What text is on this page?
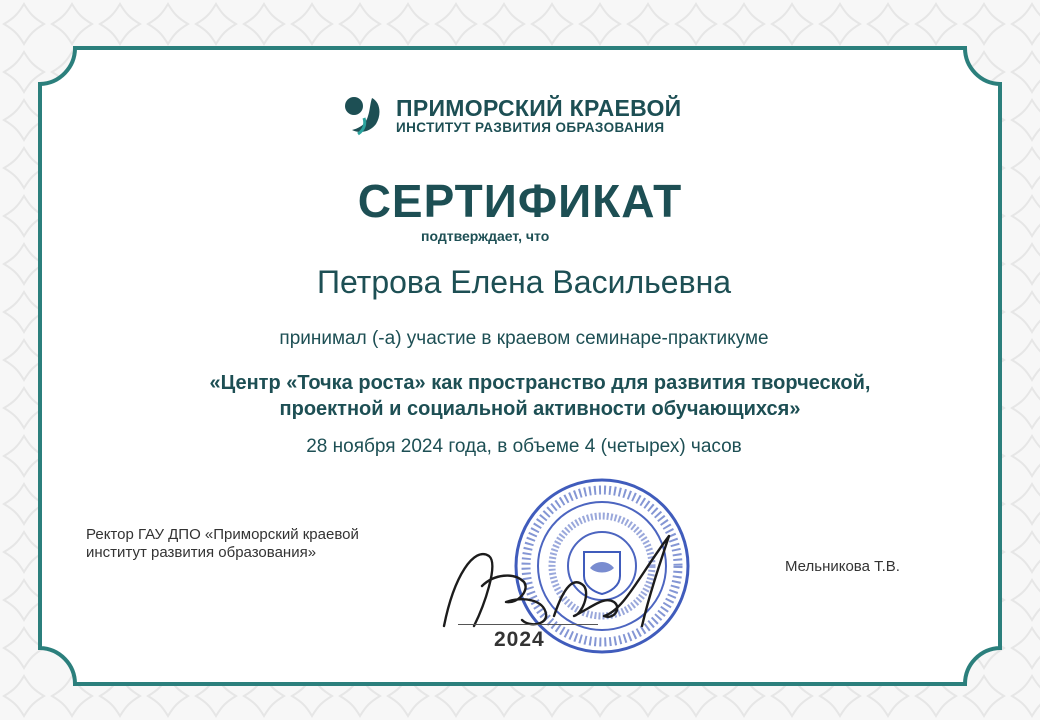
ПРИМОРСКИЙ КРАЕВОЙ
ИНСТИТУТ РАЗВИТИЯ ОБРАЗОВАНИЯ
СЕРТИФИКАТ
подтверждает, что
Петрова Елена Васильевна
принимал (-а) участие в краевом семинаре-практикуме
«Центр «Точка роста» как пространство для развития творческой,
проектной и социальной активности обучающихся»
28 ноября 2024 года, в объеме 4 (четырех) часов
Ректор ГАУ ДПО «Приморский краевой институт развития образования»
2024
Мельникова Т.В.
